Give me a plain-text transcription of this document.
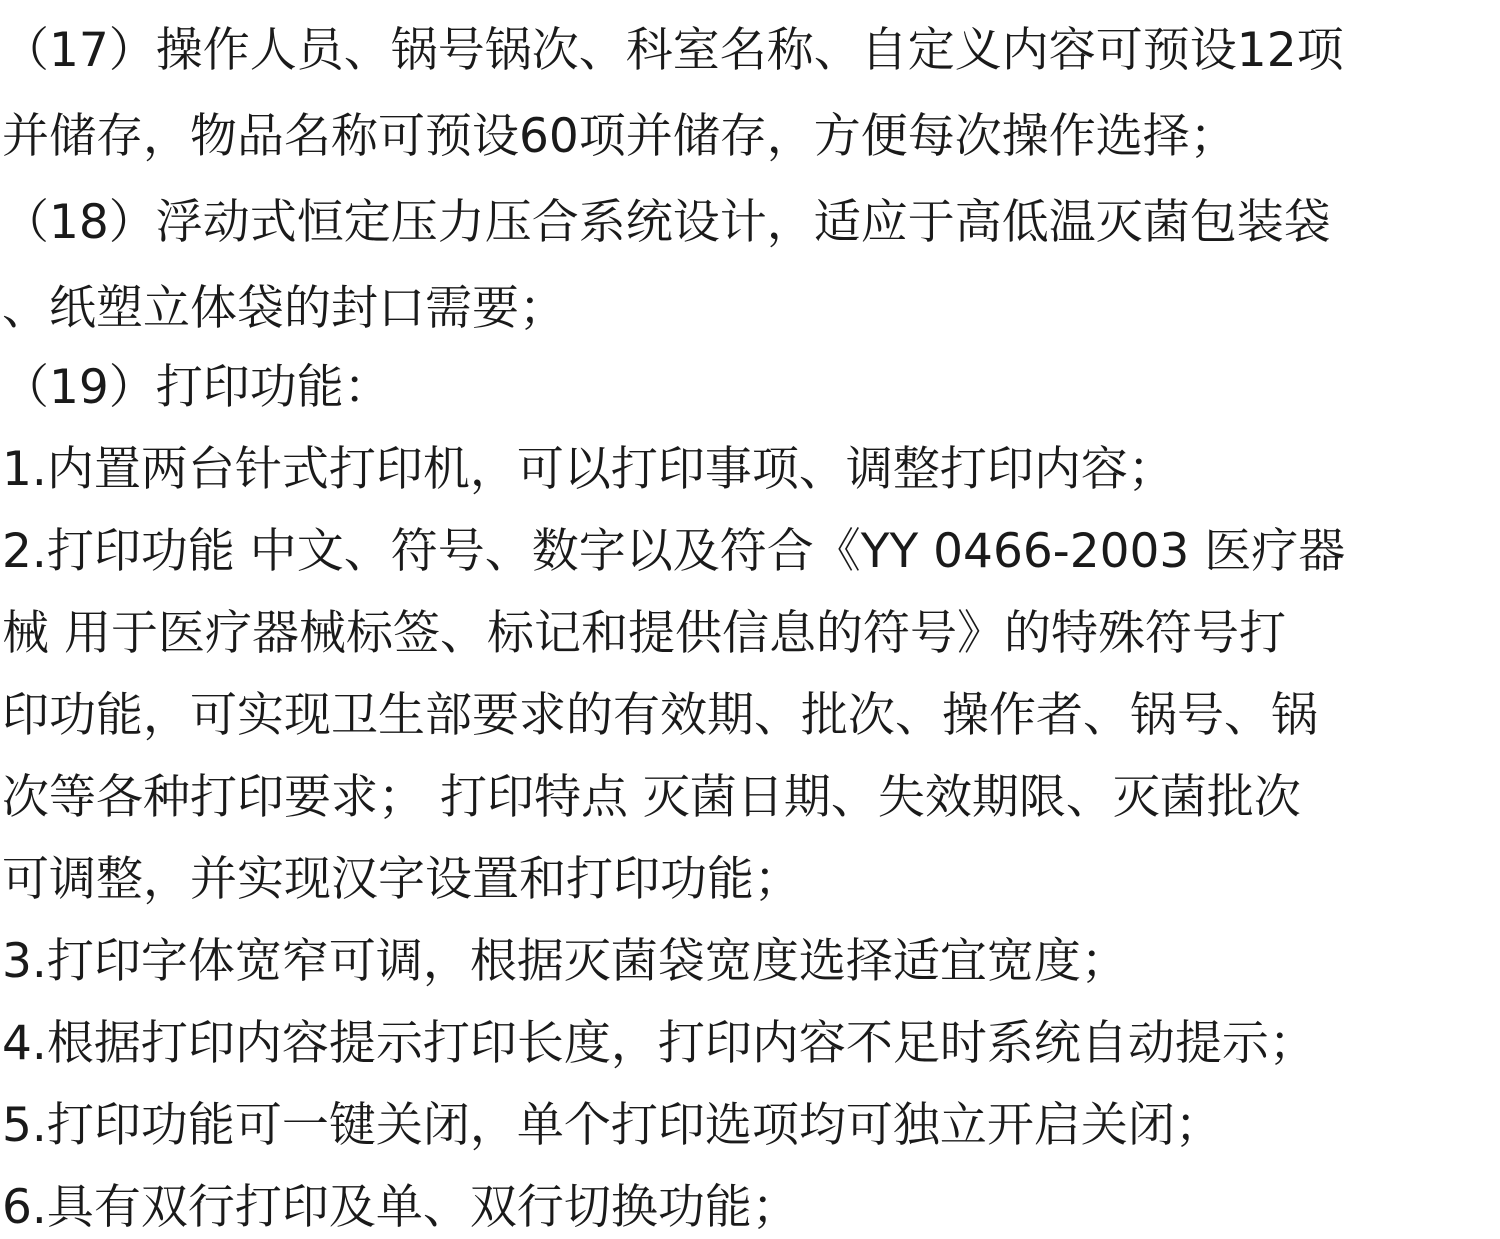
（17）操作人员、锅号锅次、科室名称、自定义内容可预设12项
并储存，物品名称可预设60项并储存，方便每次操作选择；
（18）浮动式恒定压力压合系统设计，适应于高低温灭菌包装袋
、纸塑立体袋的封口需要；
（19）打印功能：
1.内置两台针式打印机，可以打印事项、调整打印内容；
2.打印功能 中文、符号、数字以及符合《YY 0466-2003 医疗器
械 用于医疗器械标签、标记和提供信息的符号》的特殊符号打
印功能，可实现卫生部要求的有效期、批次、操作者、锅号、锅
次等各种打印要求； 打印特点 灭菌日期、失效期限、灭菌批次
可调整，并实现汉字设置和打印功能；
3.打印字体宽窄可调，根据灭菌袋宽度选择适宜宽度；
4.根据打印内容提示打印长度，打印内容不足时系统自动提示；
5.打印功能可一键关闭，单个打印选项均可独立开启关闭；
6.具有双行打印及单、双行切换功能；
